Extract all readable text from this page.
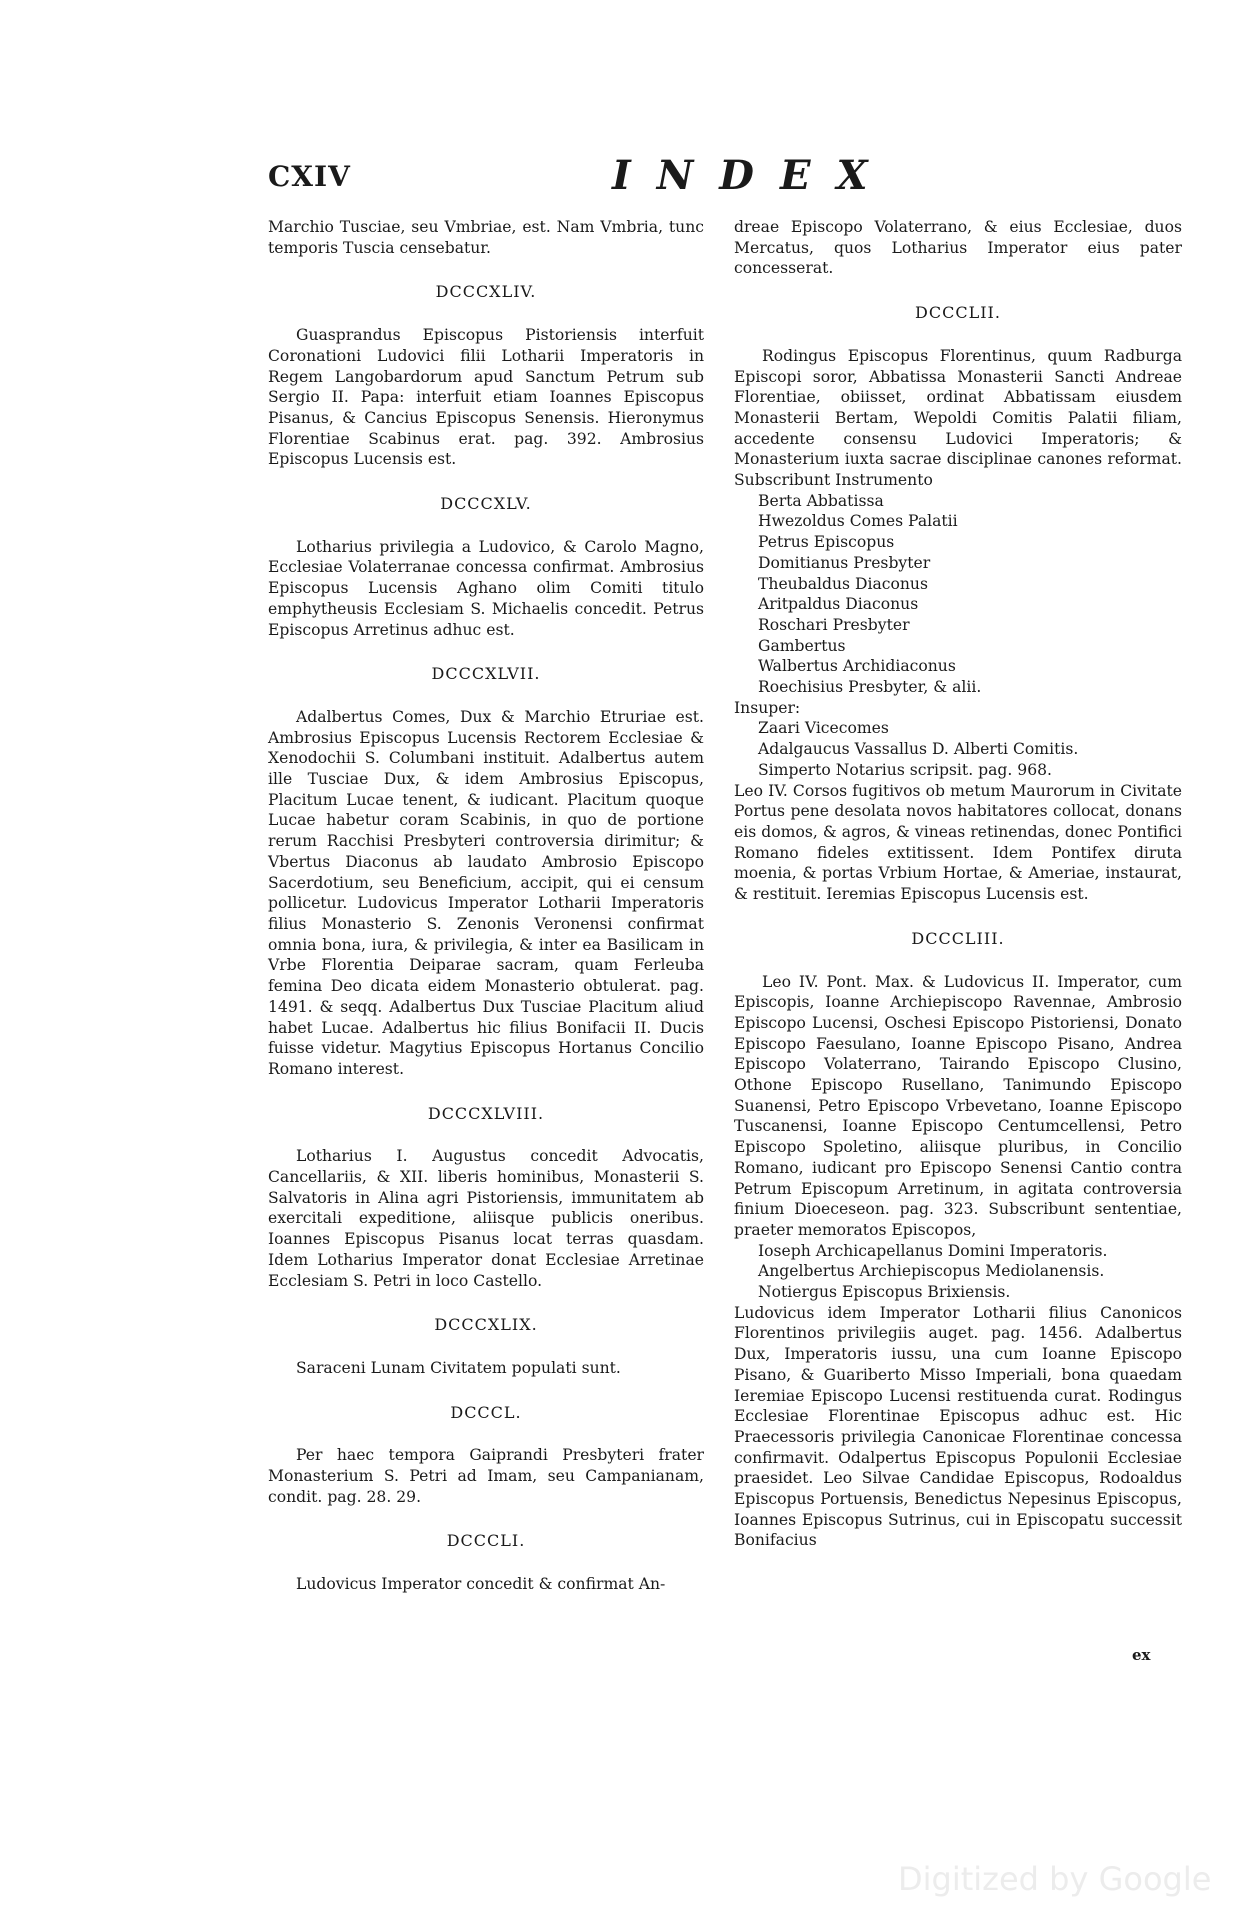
CXIV	INDEX

Marchio Tusciae, seu Vmbriae, est. Nam Vmbria, tunc temporis Tuscia censebatur.

DCCCXLIV.

Guasprandus Episcopus Pistoriensis interfuit Coronationi Ludovici filii Lotharii Imperatoris in Regem Langobardorum apud Sanctum Petrum sub Sergio II. Papa: interfuit etiam Ioannes Episcopus Pisanus, & Cancius Episcopus Senensis. Hieronymus Florentiae Scabinus erat. pag. 392. Ambrosius Episcopus Lucensis est.

DCCCXLV.

Lotharius privilegia a Ludovico, & Carolo Magno, Ecclesiae Volaterranae concessa confirmat. Ambrosius Episcopus Lucensis Aghano olim Comiti titulo emphytheusis Ecclesiam S. Michaelis concedit. Petrus Episcopus Arretinus adhuc est.

DCCCXLVII.

Adalbertus Comes, Dux & Marchio Etruriae est. Ambrosius Episcopus Lucensis Rectorem Ecclesiae & Xenodochii S. Columbani instituit. Adalbertus autem ille Tusciae Dux, & idem Ambrosius Episcopus, Placitum Lucae tenent, & iudicant. Placitum quoque Lucae habetur coram Scabinis, in quo de portione rerum Racchisi Presbyteri controversia dirimitur; & Vbertus Diaconus ab laudato Ambrosio Episcopo Sacerdotium, seu Beneficium, accipit, qui ei censum pollicetur. Ludovicus Imperator Lotharii Imperatoris filius Monasterio S. Zenonis Veronensi confirmat omnia bona, iura, & privilegia, & inter ea Basilicam in Vrbe Florentia Deiparae sacram, quam Ferleuba femina Deo dicata eidem Monasterio obtulerat. pag. 1491. & seqq. Adalbertus Dux Tusciae Placitum aliud habet Lucae. Adalbertus hic filius Bonifacii II. Ducis fuisse videtur. Magytius Episcopus Hortanus Concilio Romano interest.

DCCCXLVIII.

Lotharius I. Augustus concedit Advocatis, Cancellariis, & XII. liberis hominibus, Monasterii S. Salvatoris in Alina agri Pistoriensis, immunitatem ab exercitali expeditione, aliisque publicis oneribus. Ioannes Episcopus Pisanus locat terras quasdam. Idem Lotharius Imperator donat Ecclesiae Arretinae Ecclesiam S. Petri in loco Castello.

DCCCXLIX.

Saraceni Lunam Civitatem populati sunt.

DCCCL.

Per haec tempora Gaiprandi Presbyteri frater Monasterium S. Petri ad Imam, seu Campanianam, condit. pag. 28. 29.

DCCCLI.

Ludovicus Imperator concedit & confirmat An-

dreae Episcopo Volaterrano, & eius Ecclesiae, duos Mercatus, quos Lotharius Imperator eius pater concesserat.

DCCCLII.

Rodingus Episcopus Florentinus, quum Radburga Episcopi soror, Abbatissa Monasterii Sancti Andreae Florentiae, obiisset, ordinat Abbatissam eiusdem Monasterii Bertam, Wepoldi Comitis Palatii filiam, accedente consensu Ludovici Imperatoris; & Monasterium iuxta sacrae disciplinae canones reformat. Subscribunt Instrumento

Berta Abbatissa
Hwezoldus Comes Palatii
Petrus Episcopus
Domitianus Presbyter
Theubaldus Diaconus
Aritpaldus Diaconus
Roschari Presbyter
Gambertus
Walbertus Archidiaconus
Roechisius Presbyter, & alii.
Insuper:
Zaari Vicecomes
Adalgaucus Vassallus D. Alberti Comitis.
Simperto Notarius scripsit. pag. 968.

Leo IV. Corsos fugitivos ob metum Maurorum in Civitate Portus pene desolata novos habitatores collocat, donans eis domos, & agros, & vineas retinendas, donec Pontifici Romano fideles extitissent. Idem Pontifex diruta moenia, & portas Vrbium Hortae, & Ameriae, instaurat, & restituit. Ieremias Episcopus Lucensis est.

DCCCLIII.

Leo IV. Pont. Max. & Ludovicus II. Imperator, cum Episcopis, Ioanne Archiepiscopo Ravennae, Ambrosio Episcopo Lucensi, Oschesi Episcopo Pistoriensi, Donato Episcopo Faesulano, Ioanne Episcopo Pisano, Andrea Episcopo Volaterrano, Tairando Episcopo Clusino, Othone Episcopo Rusellano, Tanimundo Episcopo Suanensi, Petro Episcopo Vrbevetano, Ioanne Episcopo Tuscanensi, Ioanne Episcopo Centumcellensi, Petro Episcopo Spoletino, aliisque pluribus, in Concilio Romano, iudicant pro Episcopo Senensi Cantio contra Petrum Episcopum Arretinum, in agitata controversia finium Dioeceseon. pag. 323. Subscribunt sententiae, praeter memoratos Episcopos,

Ioseph Archicapellanus Domini Imperatoris.
Angelbertus Archiepiscopus Mediolanensis.
Notiergus Episcopus Brixiensis.

Ludovicus idem Imperator Lotharii filius Canonicos Florentinos privilegiis auget. pag. 1456. Adalbertus Dux, Imperatoris iussu, una cum Ioanne Episcopo Pisano, & Guariberto Misso Imperiali, bona quaedam Ieremiae Episcopo Lucensi restituenda curat. Rodingus Ecclesiae Florentinae Episcopus adhuc est. Hic Praecessoris privilegia Canonicae Florentinae concessa confirmavit. Odalpertus Episcopus Populonii Ecclesiae praesidet. Leo Silvae Candidae Episcopus, Rodoaldus Episcopus Portuensis, Benedictus Nepesinus Episcopus, Ioannes Episcopus Sutrinus, cui in Episcopatu successit Bonifacius

ex
Digitized by Google
